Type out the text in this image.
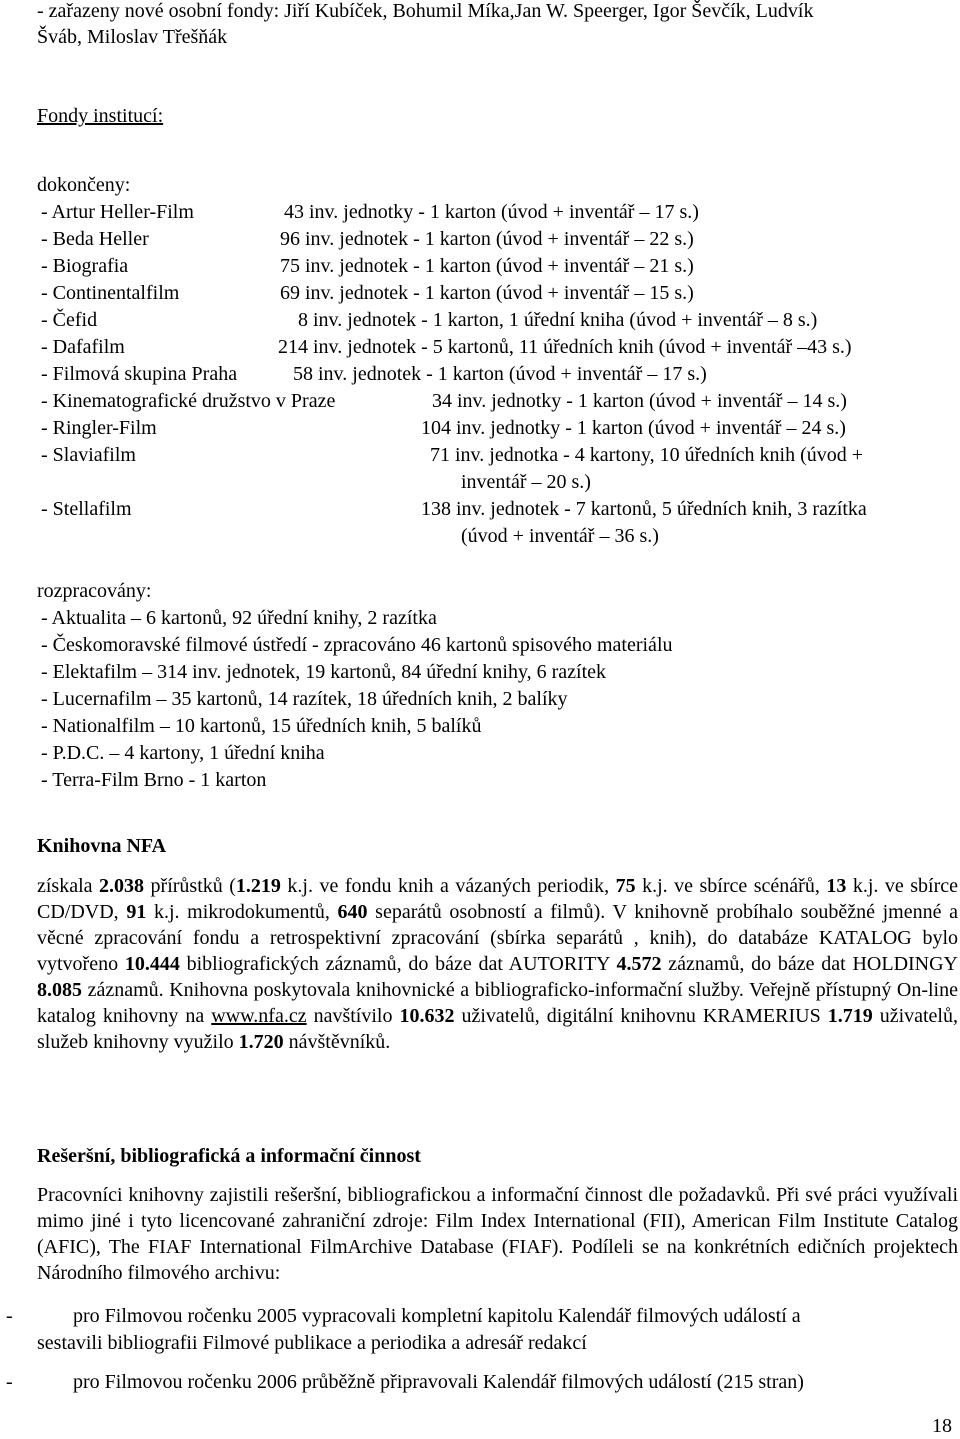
- zařazeny nové osobní fondy: Jiří Kubíček, Bohumil Míka,Jan W. Speerger, Igor Ševčík, Ludvík
Šváb, Miloslav Třešňák
Fondy institucí:
dokončeny:
- Artur Heller-Film	43 inv. jednotky - 1 karton (úvod + inventář – 17 s.)
- Beda Heller	96 inv. jednotek - 1 karton (úvod + inventář – 22 s.)
- Biografia	75 inv. jednotek - 1 karton (úvod + inventář – 21 s.)
- Continentalfilm	69 inv. jednotek - 1 karton (úvod + inventář – 15 s.)
- Čefid	8 inv. jednotek - 1 karton, 1 úřední kniha (úvod + inventář – 8 s.)
- Dafafilm	214 inv. jednotek - 5 kartonů, 11 úředních knih (úvod + inventář –43 s.)
- Filmová skupina Praha	58 inv. jednotek - 1 karton (úvod + inventář – 17 s.)
- Kinematografické družstvo v Praze	34 inv. jednotky - 1 karton (úvod + inventář – 14 s.)
- Ringler-Film	104 inv. jednotky - 1 karton (úvod + inventář – 24 s.)
- Slaviafilm	71 inv. jednotka - 4 kartony, 10 úředních knih (úvod +
inventář – 20 s.)
- Stellafilm	138 inv. jednotek - 7 kartonů, 5 úředních knih, 3 razítka
(úvod + inventář – 36 s.)
rozpracovány:
- Aktualita – 6 kartonů, 92 úřední knihy, 2 razítka
- Českomoravské filmové ústředí - zpracováno 46 kartonů spisového materiálu
- Elektafilm – 314 inv. jednotek, 19 kartonů, 84 úřední knihy, 6 razítek
- Lucernafilm – 35 kartonů, 14 razítek, 18 úředních knih, 2 balíky
- Nationalfilm – 10 kartonů, 15 úředních knih, 5 balíků
- P.D.C. – 4 kartony, 1 úřední kniha
- Terra-Film Brno - 1 karton
Knihovna NFA
získala 2.038 přírůstků (1.219 k.j. ve fondu knih a vázaných periodik, 75 k.j. ve sbírce scénářů, 13 k.j. ve sbírce CD/DVD, 91 k.j. mikrodokumentů, 640 separátů osobností a filmů). V knihovně probíhalo souběžné jmenné a věcné zpracování fondu a retrospektivní zpracování (sbírka separátů , knih), do databáze KATALOG bylo vytvořeno 10.444 bibliografických záznamů, do báze dat AUTORITY 4.572 záznamů, do báze dat HOLDINGY 8.085 záznamů. Knihovna poskytovala knihovnické a bibliograficko-informační služby. Veřejně přístupný On-line katalog knihovny na www.nfa.cz navštívilo 10.632 uživatelů, digitální knihovnu KRAMERIUS 1.719 uživatelů, služeb knihovny využilo 1.720 návštěvníků.
Rešeršní, bibliografická a informační činnost
Pracovníci knihovny zajistili rešeršní, bibliografickou a informační činnost dle požadavků. Při své práci využívali mimo jiné i tyto licencované zahraniční zdroje: Film Index International (FII), American Film Institute Catalog (AFIC), The FIAF International FilmArchive Database (FIAF). Podíleli se na konkrétních edičních projektech Národního filmového archivu:
-	pro Filmovou ročenku 2005 vypracovali kompletní kapitolu Kalendář filmových událostí a
sestavili bibliografii Filmové publikace a periodika a adresář redakcí
-	pro Filmovou ročenku 2006 průběžně připravovali Kalendář filmových událostí (215 stran)
18
